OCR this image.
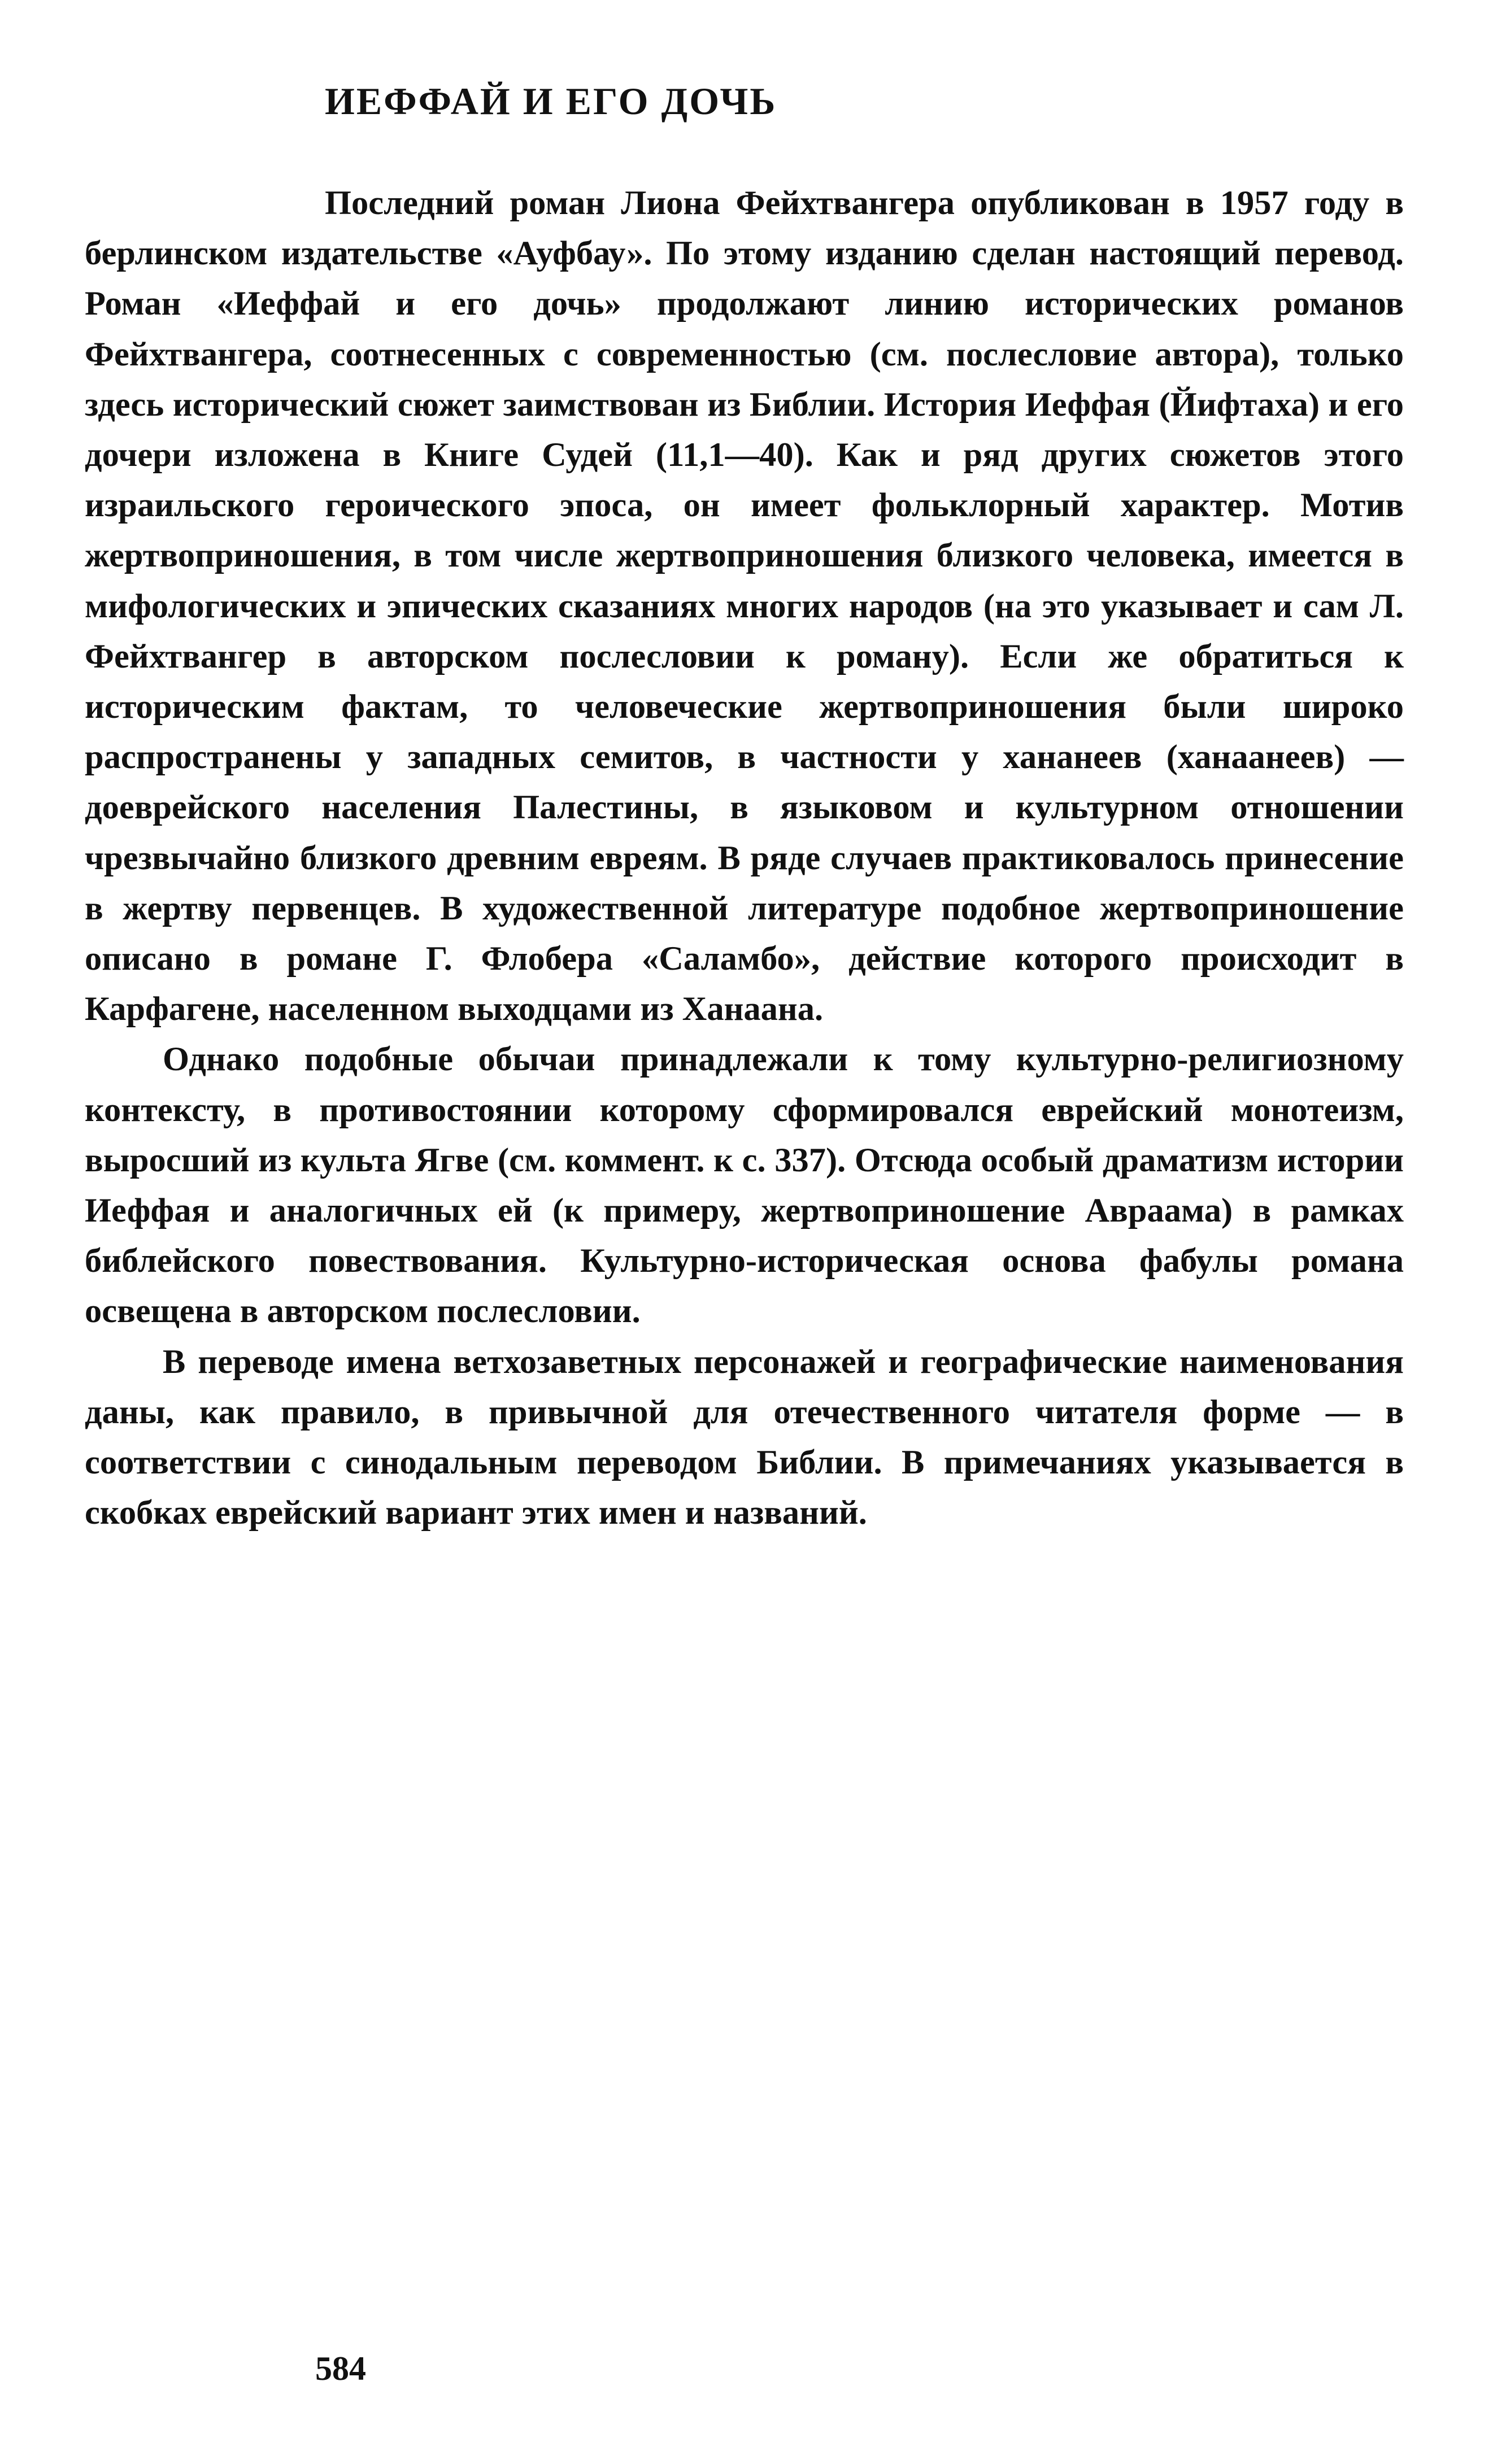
ИЕФФАЙ И ЕГО ДОЧЬ

Последний роман Лиона Фейхтвангера опубликован в 1957 году в берлинском издательстве «Ауфбау». По этому изданию сделан настоящий перевод. Роман «Иеффай и его дочь» продолжают линию исторических романов Фейхтвангера, соотнесенных с современностью (см. послесловие автора), только здесь исторический сюжет заимствован из Библии. История Иеффая (Йифтаха) и его дочери изложена в Книге Судей (11,1—40). Как и ряд других сюжетов этого израильского героического эпоса, он имеет фольклорный характер. Мотив жертвоприношения, в том числе жертвоприношения близкого человека, имеется в мифологических и эпических сказаниях многих народов (на это указывает и сам Л. Фейхтвангер в авторском послесловии к роману). Если же обратиться к историческим фактам, то человеческие жертвоприношения были широко распространены у западных семитов, в частности у хананеев (ханаанеев) — доеврейского населения Палестины, в языковом и культурном отношении чрезвычайно близкого древним евреям. В ряде случаев практиковалось принесение в жертву первенцев. В художественной литературе подобное жертвоприношение описано в романе Г. Флобера «Саламбо», действие которого происходит в Карфагене, населенном выходцами из Ханаана.

Однако подобные обычаи принадлежали к тому культурно-религиозному контексту, в противостоянии которому сформировался еврейский монотеизм, выросший из культа Ягве (см. коммент. к с. 337). Отсюда особый драматизм истории Иеффая и аналогичных ей (к примеру, жертвоприношение Авраама) в рамках библейского повествования. Культурно-историческая основа фабулы романа освещена в авторском послесловии.

В переводе имена ветхозаветных персонажей и географические наименования даны, как правило, в привычной для отечественного читателя форме — в соответствии с синодальным переводом Библии. В примечаниях указывается в скобках еврейский вариант этих имен и названий.

584
